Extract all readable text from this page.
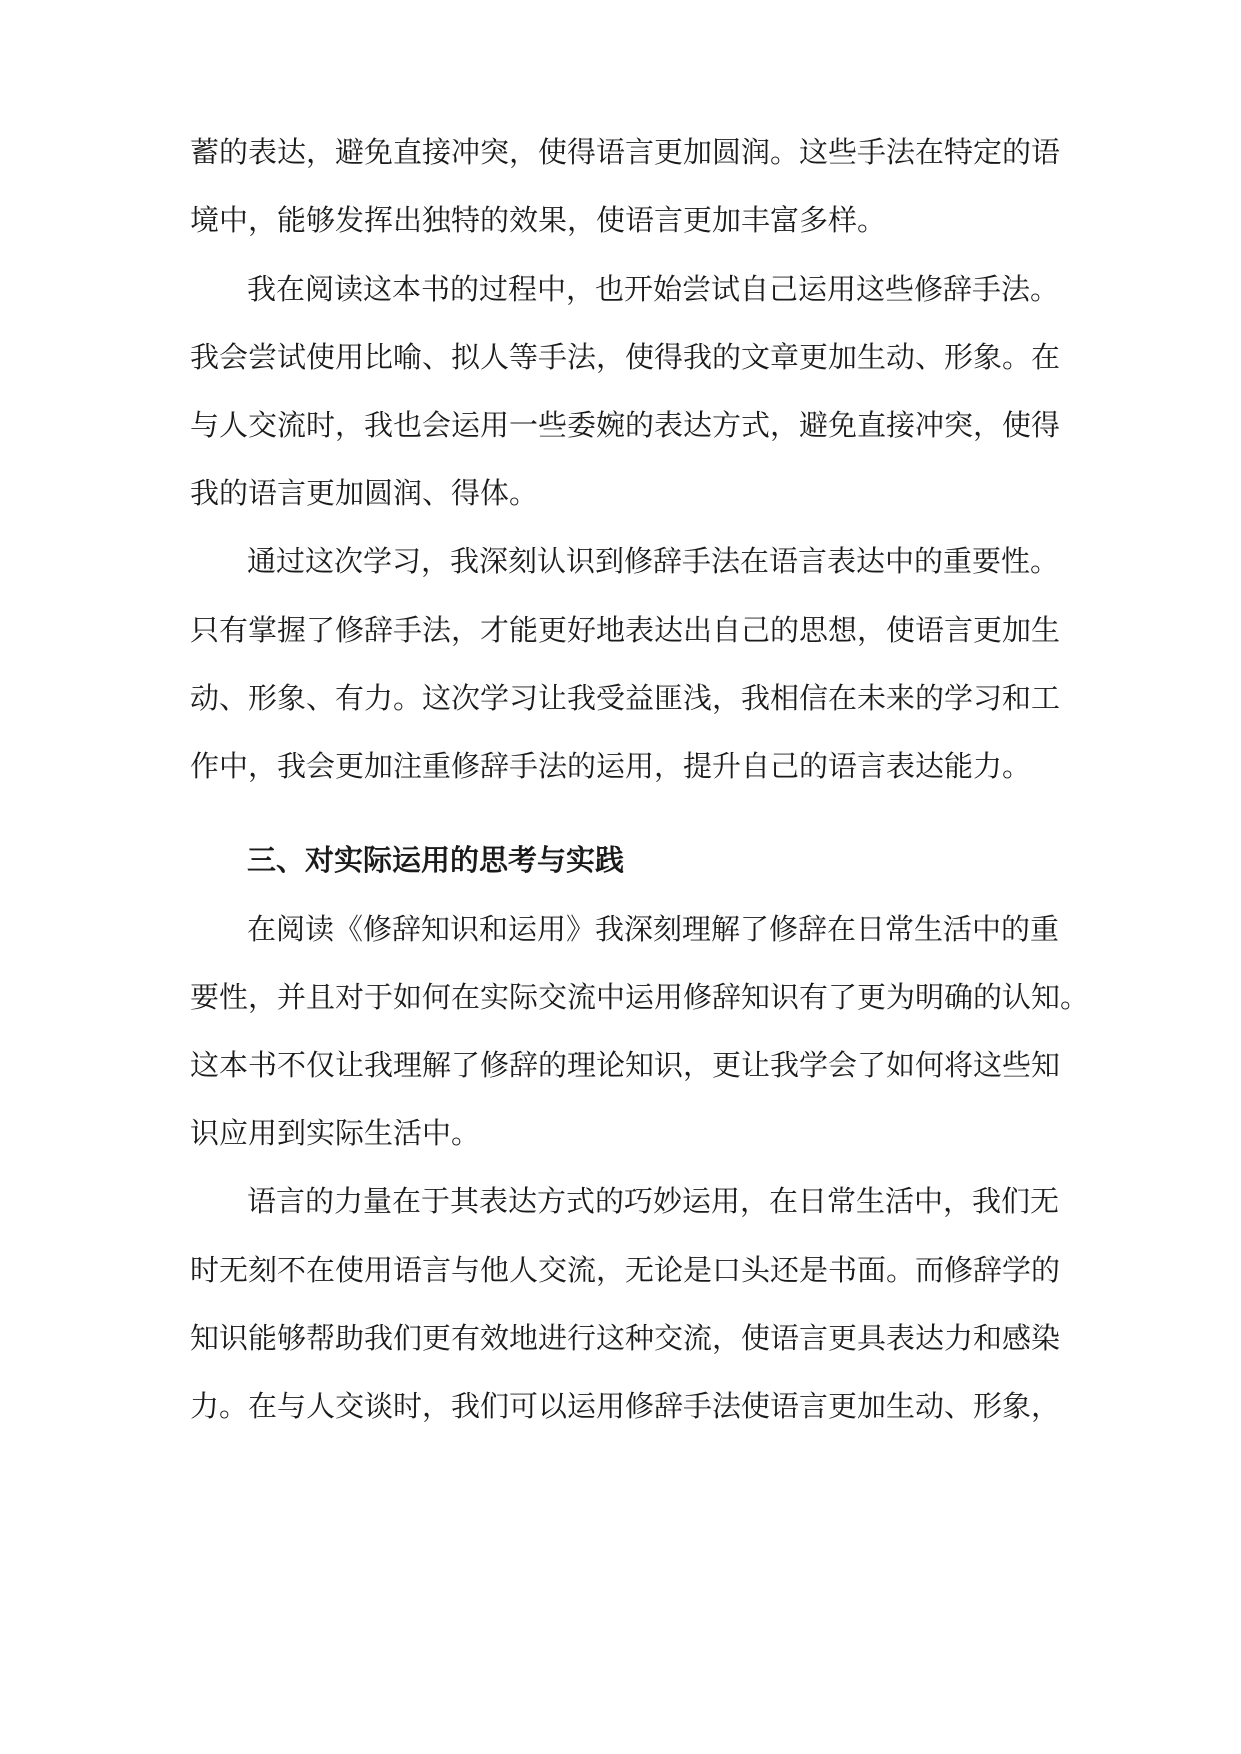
蓄的表达，避免直接冲突，使得语言更加圆润。这些手法在特定的语
境中，能够发挥出独特的效果，使语言更加丰富多样。
我在阅读这本书的过程中，也开始尝试自己运用这些修辞手法。
我会尝试使用比喻、拟人等手法，使得我的文章更加生动、形象。在
与人交流时，我也会运用一些委婉的表达方式，避免直接冲突，使得
我的语言更加圆润、得体。
通过这次学习，我深刻认识到修辞手法在语言表达中的重要性。
只有掌握了修辞手法，才能更好地表达出自己的思想，使语言更加生
动、形象、有力。这次学习让我受益匪浅，我相信在未来的学习和工
作中，我会更加注重修辞手法的运用，提升自己的语言表达能力。
三、对实际运用的思考与实践
在阅读《修辞知识和运用》我深刻理解了修辞在日常生活中的重
要性，并且对于如何在实际交流中运用修辞知识有了更为明确的认知。
这本书不仅让我理解了修辞的理论知识，更让我学会了如何将这些知
识应用到实际生活中。
语言的力量在于其表达方式的巧妙运用，在日常生活中，我们无
时无刻不在使用语言与他人交流，无论是口头还是书面。而修辞学的
知识能够帮助我们更有效地进行这种交流，使语言更具表达力和感染
力。在与人交谈时，我们可以运用修辞手法使语言更加生动、形象，
